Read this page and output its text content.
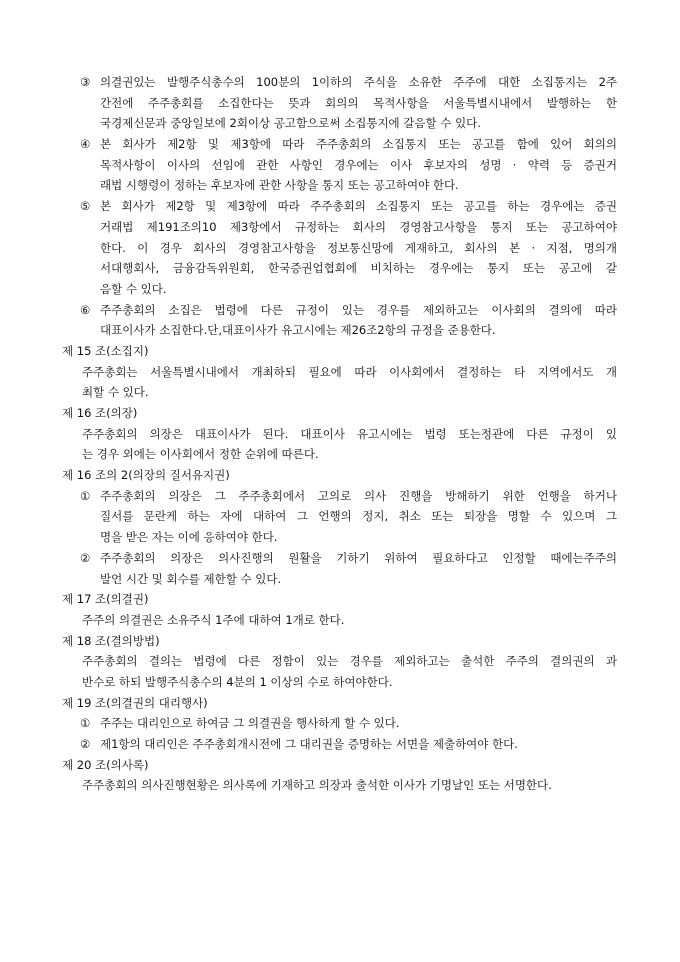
③ 의결권있는 발행주식총수의 100분의 1이하의 주식을 소유한 주주에 대한 소집통지는 2주
간전에 주주총회를 소집한다는 뜻과 회의의 목적사항을 서울특별시내에서 발행하는 한
국경제신문과 중앙일보에 2회이상 공고함으로써 소집통지에 갈음할 수 있다.
④ 본 회사가 제2항 및 제3항에 따라 주주총회의 소집통지 또는 공고를 함에 있어 회의의
목적사항이 이사의 선임에 관한 사항인 경우에는 이사 후보자의 성명 · 약력 등 증권거
래법 시행령이 정하는 후보자에 관한 사항을 통지 또는 공고하여야 한다.
⑤ 본 회사가 제2항 및 제3항에 따라 주주총회의 소집통지 또는 공고를 하는 경우에는 증권
거래법 제191조의10 제3항에서 규정하는 회사의 경영참고사항을 통지 또는 공고하여야
한다. 이 경우 회사의 경영참고사항을 정보통신망에 게재하고, 회사의 본 · 지점, 명의개
서대행회사, 금융감독위원회, 한국증권업협회에 비치하는 경우에는 통지 또는 공고에 갈
음할 수 있다.
⑥ 주주총회의 소집은 법령에 다른 규정이 있는 경우를 제외하고는 이사회의 결의에 따라
대표이사가 소집한다.단,대표이사가 유고시에는 제26조2항의 규정을 준용한다.
제 15 조(소집지)
주주총회는 서울특별시내에서 개최하되 필요에 따라 이사회에서 결정하는 타 지역에서도 개
최할 수 있다.
제 16 조(의장)
주주총회의 의장은 대표이사가 된다. 대표이사 유고시에는 법령 또는정관에 다른 규정이 있
는 경우 외에는 이사회에서 정한 순위에 따른다.
제 16 조의 2(의장의 질서유지권)
① 주주총회의 의장은 그 주주총회에서 고의로 의사 진행을 방해하기 위한 언행을 하거나
질서를 문란케 하는 자에 대하여 그 언행의 정지, 취소 또는 퇴장을 명할 수 있으며 그
명을 받은 자는 이에 응하여야 한다.
② 주주총회의 의장은 의사진행의 원활을 기하기 위하여 필요하다고 인정할 때에는주주의
발언 시간 및 회수를 제한할 수 있다.
제 17 조(의결권)
주주의 의결권은 소유주식 1주에 대하여 1개로 한다.
제 18 조(결의방법)
주주총회의 결의는 법령에 다른 정함이 있는 경우를 제외하고는 출석한 주주의 결의권의 과
반수로 하되 발행주식총수의 4분의 1 이상의 수로 하여야한다.
제 19 조(의결권의 대리행사)
① 주주는 대리인으로 하여금 그 의결권을 행사하게 할 수 있다.
② 제1항의 대리인은 주주총회개시전에 그 대리권을 증명하는 서면을 제출하여야 한다.
제 20 조(의사록)
주주총회의 의사진행현황은 의사록에 기재하고 의장과 출석한 이사가 기명날인 또는 서명한다.
